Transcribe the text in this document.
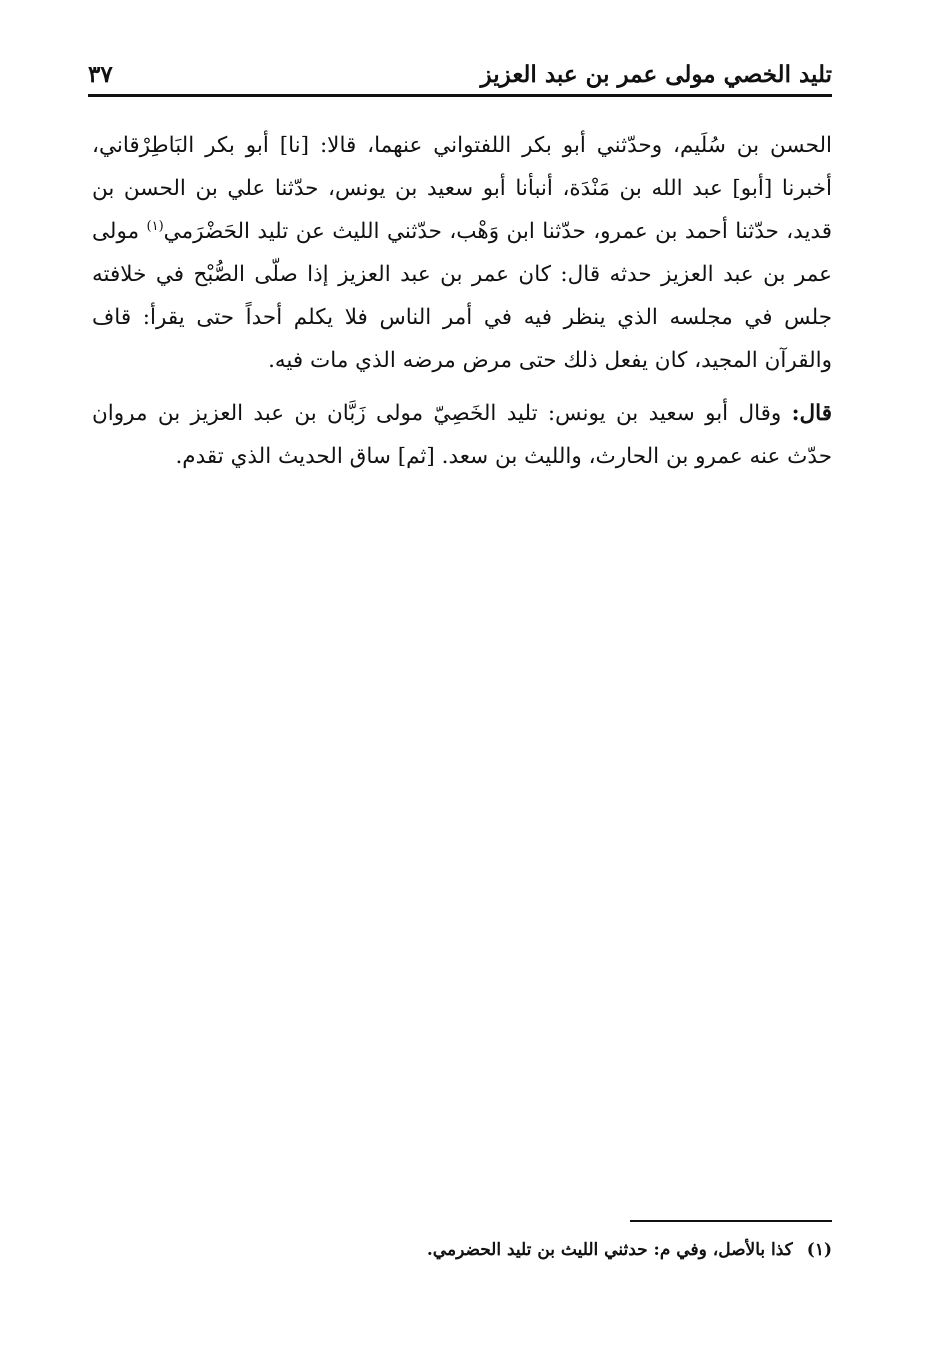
تليد الخصي مولى عمر بن عبد العزيز
٣٧

الحسن بن سُلَيم، وحدّثني أبو بكر اللفتواني عنهما، قالا: [نا] أبو بكر البَاطِرْقاني، أخبرنا [أبو] عبد الله بن مَنْدَة، أنبأنا أبو سعيد بن يونس، حدّثنا علي بن الحسن بن قديد، حدّثنا أحمد بن عمرو، حدّثنا ابن وَهْب، حدّثني الليث عن تليد الحَضْرَمي$^{(١)}$ مولى عمر بن عبد العزيز حدثه قال: كان عمر بن عبد العزيز إذا صلّى الصُّبْح في خلافته جلس في مجلسه الذي ينظر فيه في أمر الناس فلا يكلم أحداً حتى يقرأ: قاف والقرآن المجيد، كان يفعل ذلك حتى مرض مرضه الذي مات فيه.

قال: وقال أبو سعيد بن يونس: تليد الخَصِيّ مولى زَبَّان بن عبد العزيز بن مروان حدّث عنه عمرو بن الحارث، والليث بن سعد. [ثم] ساق الحديث الذي تقدم.

(١)كذا بالأصل، وفي م: حدثني الليث بن تليد الحضرمي.
